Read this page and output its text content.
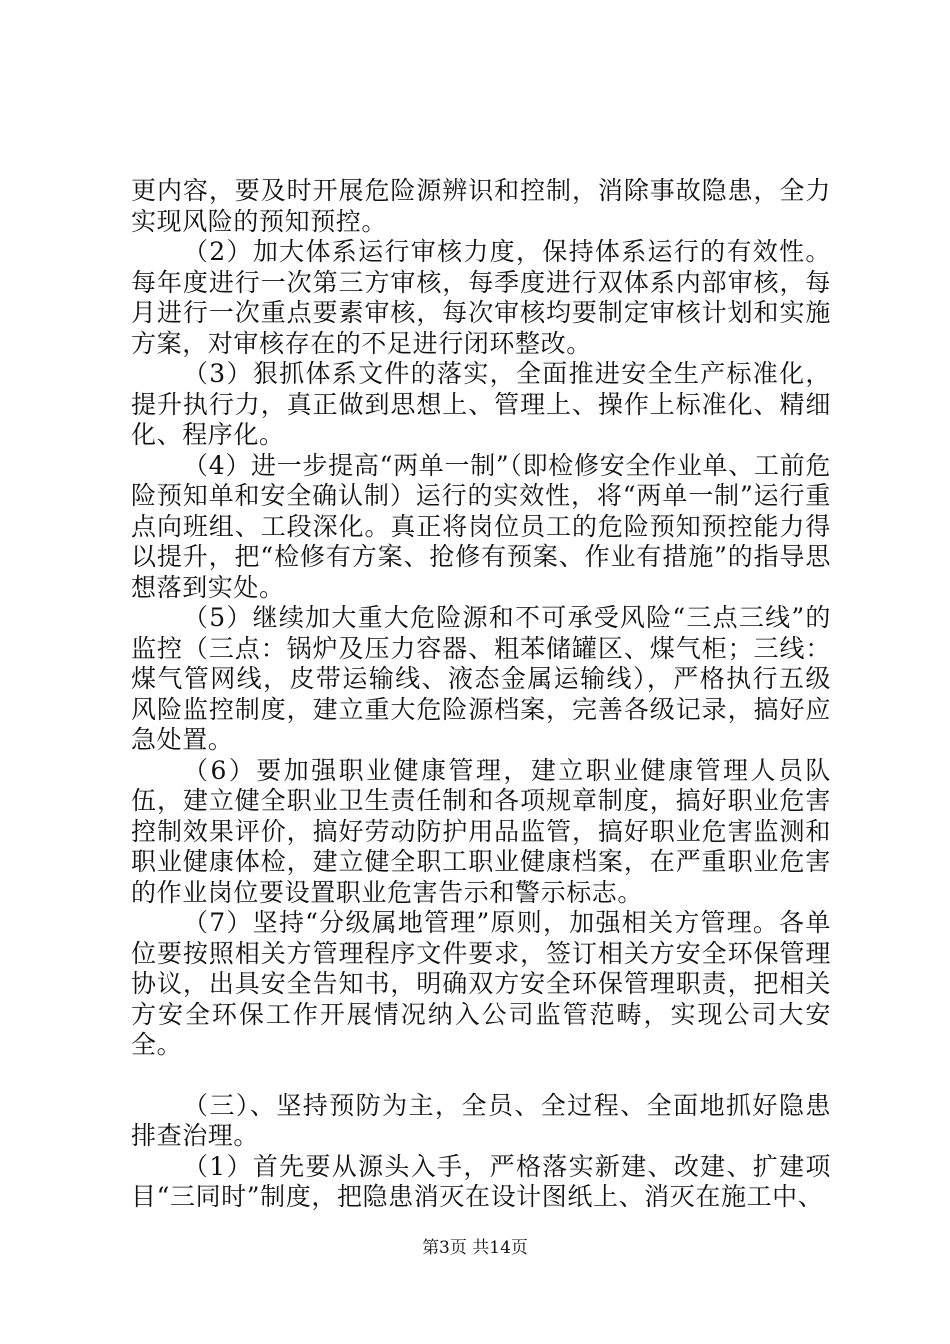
更内容，要及时开展危险源辨识和控制，消除事故隐患，全力实现风险的预知预控。

（2）加大体系运行审核力度，保持体系运行的有效性。每年度进行一次第三方审核，每季度进行双体系内部审核，每月进行一次重点要素审核，每次审核均要制定审核计划和实施方案，对审核存在的不足进行闭环整改。

（3）狠抓体系文件的落实，全面推进安全生产标准化，提升执行力，真正做到思想上、管理上、操作上标准化、精细化、程序化。

（4）进一步提高“两单一制”（即检修安全作业单、工前危险预知单和安全确认制）运行的实效性，将“两单一制”运行重点向班组、工段深化。真正将岗位员工的危险预知预控能力得以提升，把“检修有方案、抢修有预案、作业有措施”的指导思想落到实处。

（5）继续加大重大危险源和不可承受风险“三点三线”的监控（三点：锅炉及压力容器、粗苯储罐区、煤气柜；三线：煤气管网线，皮带运输线、液态金属运输线），严格执行五级风险监控制度，建立重大危险源档案，完善各级记录，搞好应急处置。

（6）要加强职业健康管理，建立职业健康管理人员队伍，建立健全职业卫生责任制和各项规章制度，搞好职业危害控制效果评价，搞好劳动防护用品监管，搞好职业危害监测和职业健康体检，建立健全职工职业健康档案，在严重职业危害的作业岗位要设置职业危害告示和警示标志。

（7）坚持“分级属地管理”原则，加强相关方管理。各单位要按照相关方管理程序文件要求，签订相关方安全环保管理协议，出具安全告知书，明确双方安全环保管理职责，把相关方安全环保工作开展情况纳入公司监管范畴，实现公司大安全。

（三）、坚持预防为主，全员、全过程、全面地抓好隐患排查治理。

（1）首先要从源头入手，严格落实新建、改建、扩建项目“三同时”制度，把隐患消灭在设计图纸上、消灭在施工中、

第3页 共14页
